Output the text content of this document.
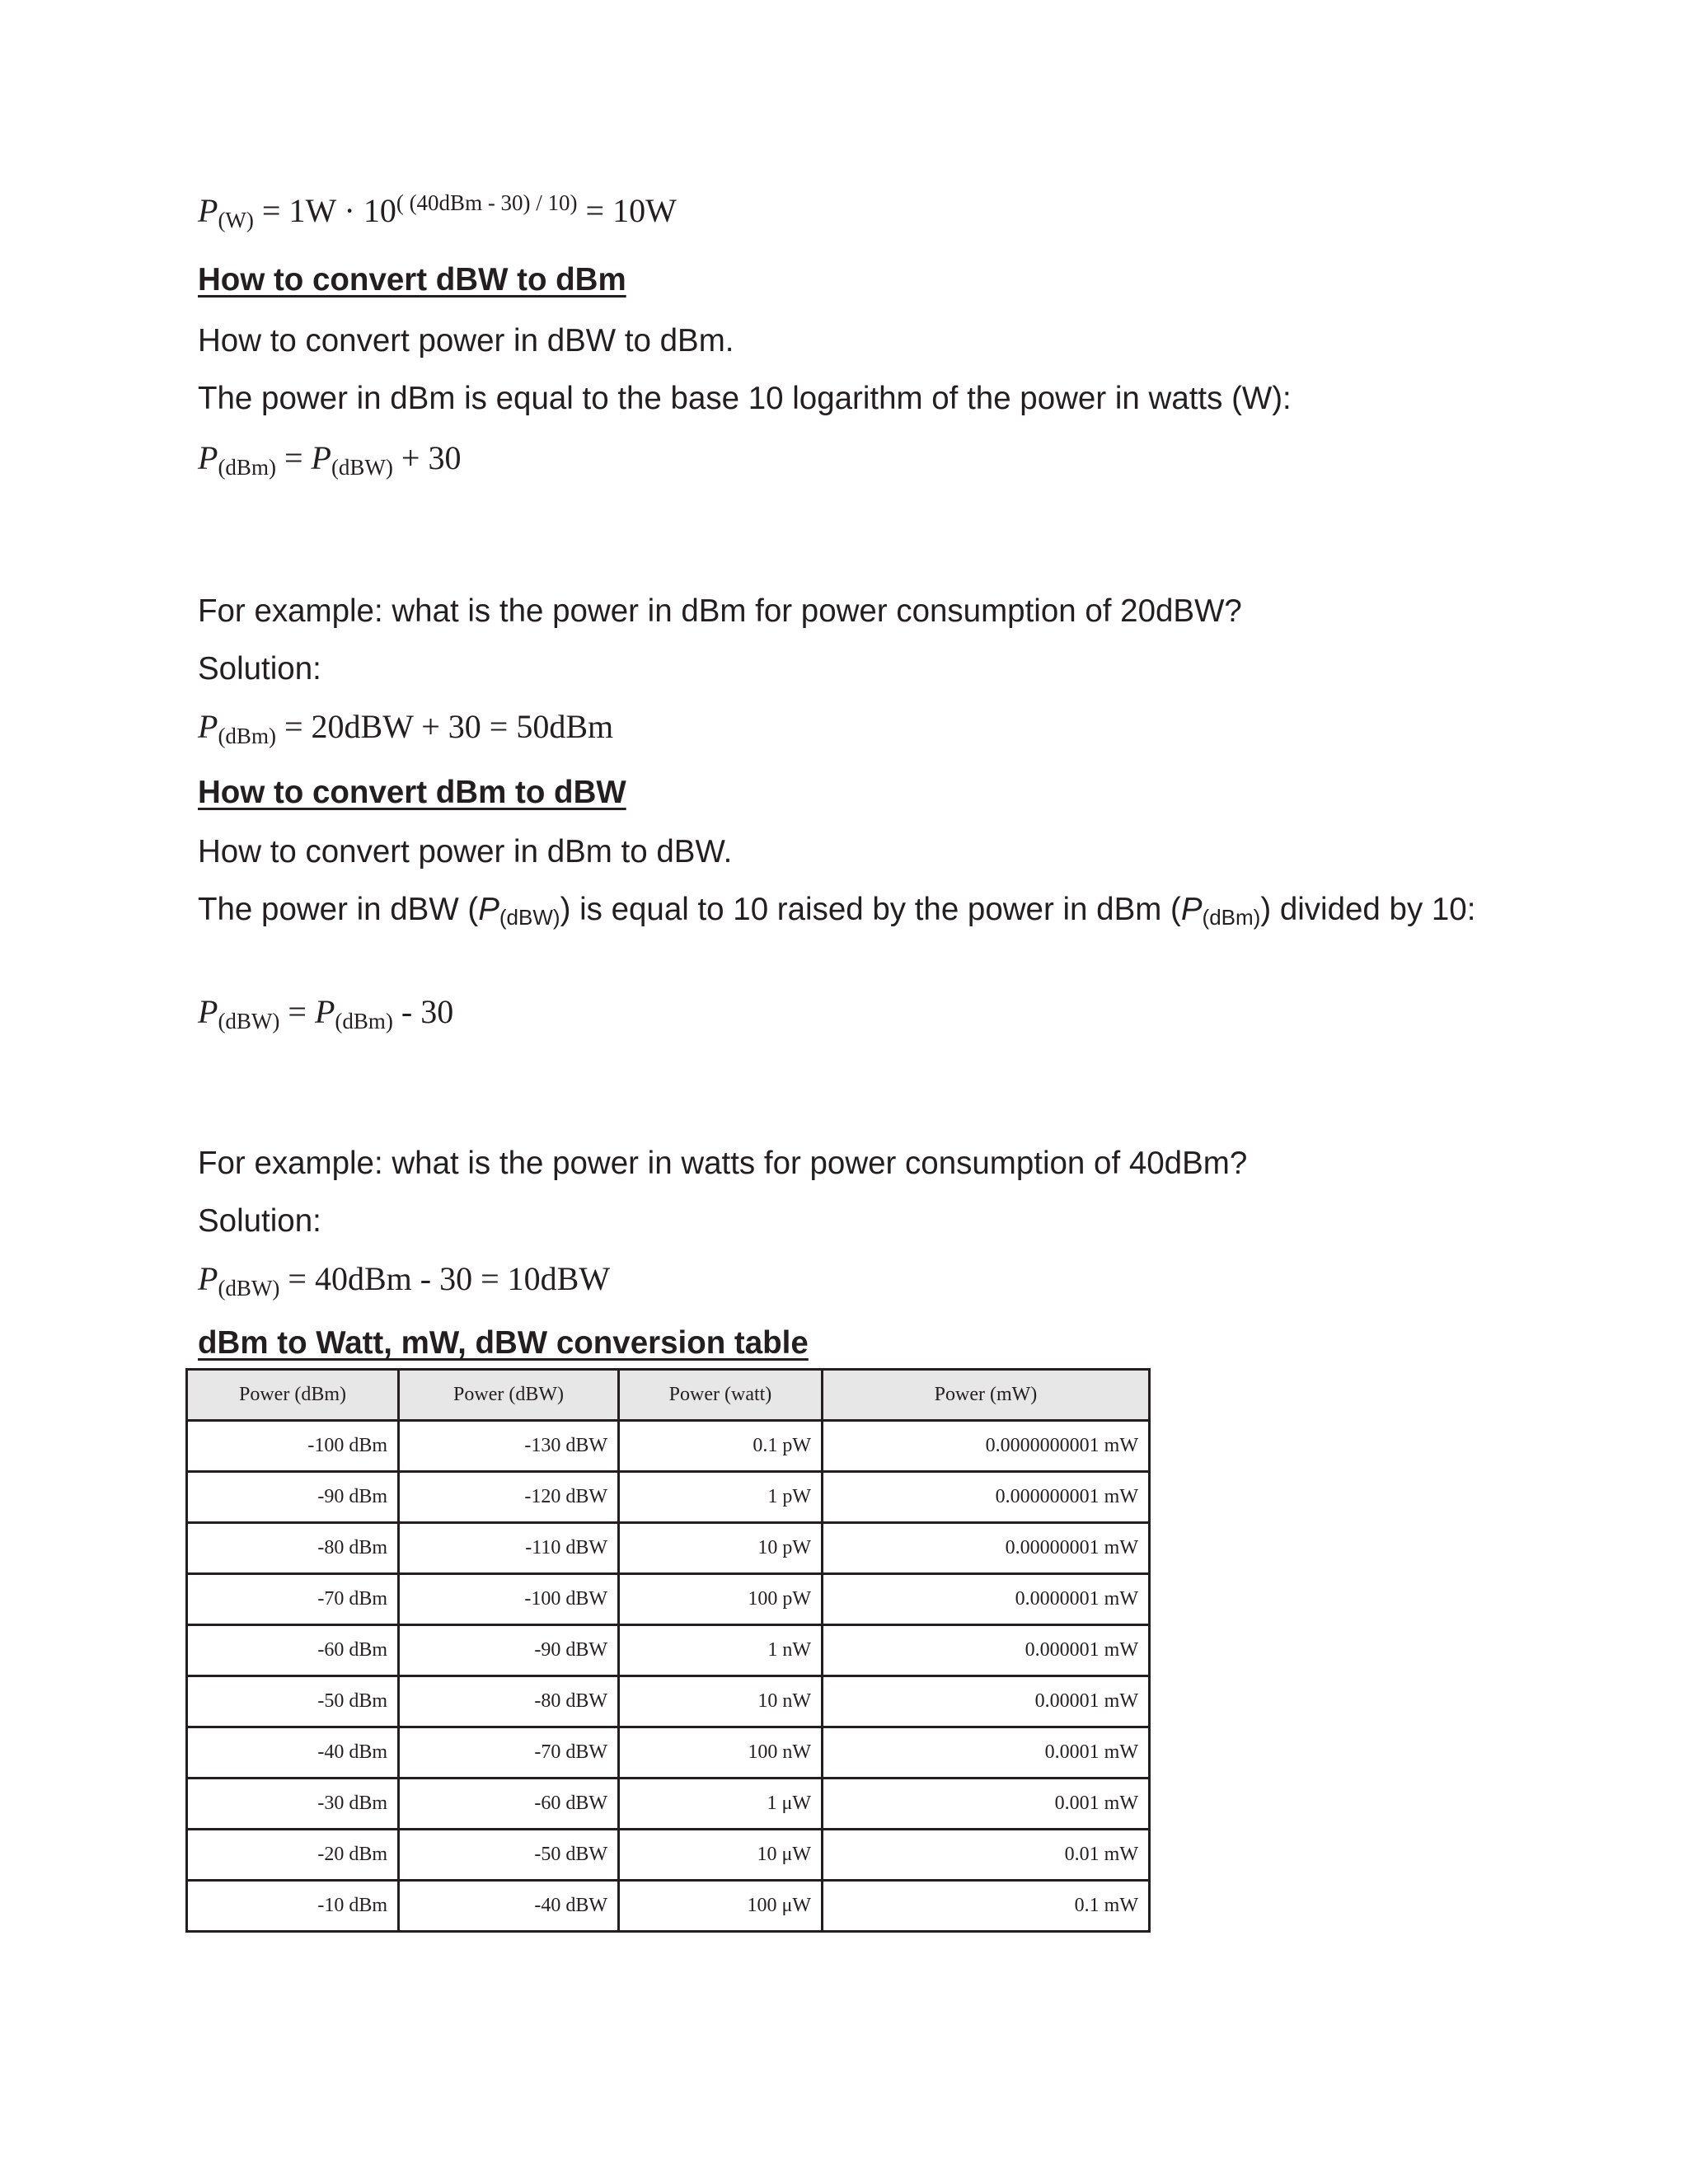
$P(W) = 1W \cdot 10^{( (40dBm - 30) / 10)} = 10W$
How to convert dBW to dBm
How to convert power in dBW to dBm.
The power in dBm is equal to the base 10 logarithm of the power in watts (W):
P(dBm) = P(dBW) + 30
For example: what is the power in dBm for power consumption of 20dBW?
Solution:
P(dBm) = 20dBW + 30 = 50dBm
How to convert dBm to dBW
How to convert power in dBm to dBW.
The power in dBW (P(dBW)) is equal to 10 raised by the power in dBm (P(dBm)) divided by 10:
P(dBW) = P(dBm) - 30
For example: what is the power in watts for power consumption of 40dBm?
Solution:
P(dBW) = 40dBm - 30 = 10dBW
dBm to Watt, mW, dBW conversion table
Power (dBm)	Power (dBW)	Power (watt)	Power (mW)
-100 dBm	-130 dBW	0.1 pW	0.0000000001 mW
-90 dBm	-120 dBW	1 pW	0.000000001 mW
-80 dBm	-110 dBW	10 pW	0.00000001 mW
-70 dBm	-100 dBW	100 pW	0.0000001 mW
-60 dBm	-90 dBW	1 nW	0.000001 mW
-50 dBm	-80 dBW	10 nW	0.00001 mW
-40 dBm	-70 dBW	100 nW	0.0001 mW
-30 dBm	-60 dBW	1 μW	0.001 mW
-20 dBm	-50 dBW	10 μW	0.01 mW
-10 dBm	-40 dBW	100 μW	0.1 mW
